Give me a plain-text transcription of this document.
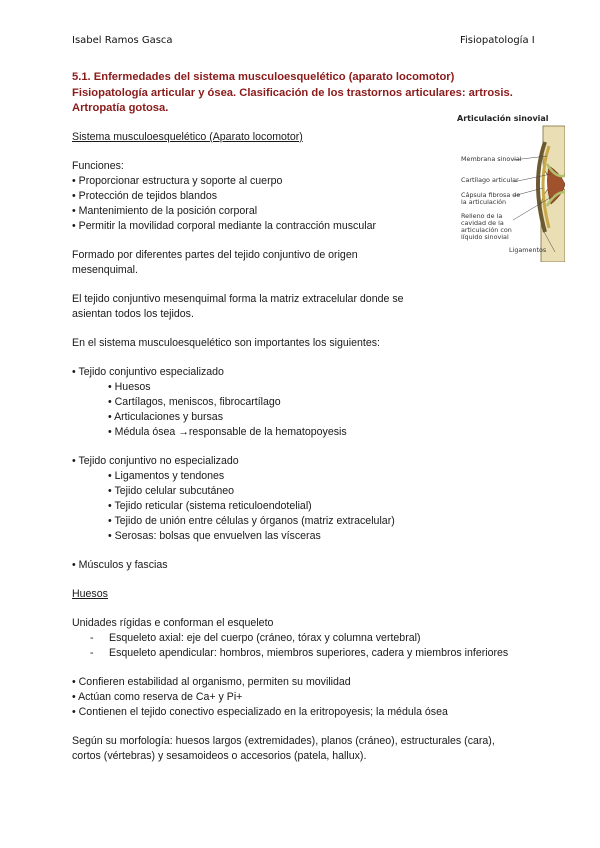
Isabel Ramos Gasca	Fisiopatología I
5.1. Enfermedades del sistema musculoesquelético (aparato locomotor)
Fisiopatología articular y ósea. Clasificación de los trastornos articulares: artrosis.
Artropatía gotosa.
Articulación sinovial
Membrana sinovial
Cartílago articular
Cápsula fibrosa de
la articulación
Relleno de la
cavidad de la
articulación con
líquido sinovial
Ligamentos

Sistema musculoesquelético (Aparato locomotor)

Funciones:

• Proporcionar estructura y soporte al cuerpo

• Protección de tejidos blandos

• Mantenimiento de la posición corporal

• Permitir la movilidad corporal mediante la contracción muscular

Formado por diferentes partes del tejido conjuntivo de origen

mesenquimal.

El tejido conjuntivo mesenquimal forma la matriz extracelular donde se

asientan todos los tejidos.

En el sistema musculoesquelético son importantes los siguientes:

• Tejido conjuntivo especializado

• Huesos

• Cartílagos, meniscos, fibrocartílago

• Articulaciones y bursas

• Médula ósea →responsable de la hematopoyesis

• Tejido conjuntivo no especializado

• Ligamentos y tendones

• Tejido celular subcutáneo

• Tejido reticular (sistema reticuloendotelial)

• Tejido de unión entre células y órganos (matriz extracelular)

• Serosas: bolsas que envuelven las vísceras

• Músculos y fascias

Huesos

Unidades rígidas e conforman el esqueleto

- Esqueleto axial: eje del cuerpo (cráneo, tórax y columna vertebral)

- Esqueleto apendicular: hombros, miembros superiores, cadera y miembros inferiores

• Confieren estabilidad al organismo, permiten su movilidad

• Actúan como reserva de Ca+ y Pi+

• Contienen el tejido conectivo especializado en la eritropoyesis; la médula ósea

Según su morfología: huesos largos (extremidades), planos (cráneo), estructurales (cara),

cortos (vértebras) y sesamoideos o accesorios (patela, hallux).
